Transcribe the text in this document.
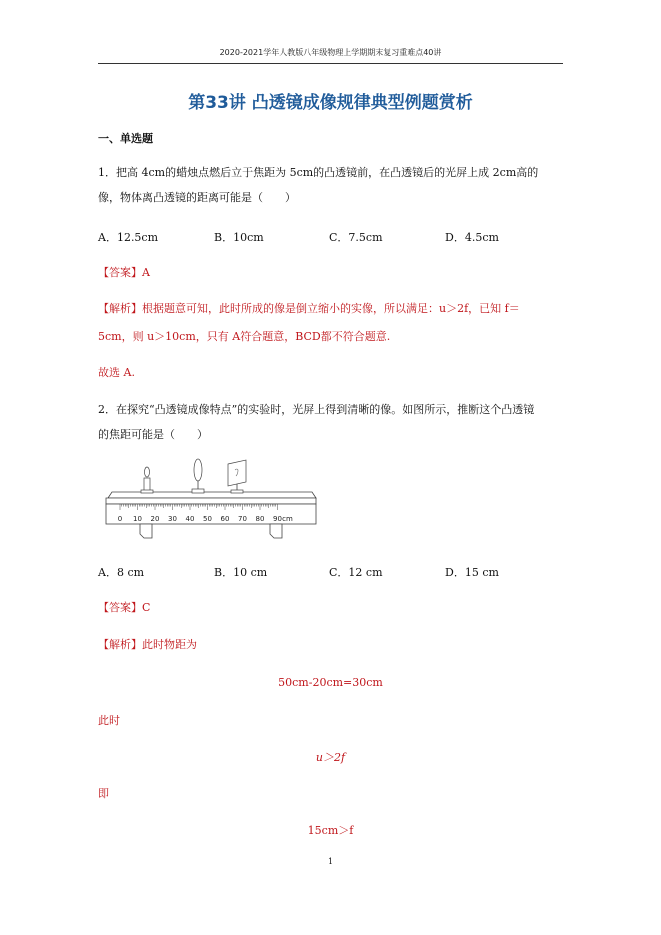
2020-2021学年人教版八年级物理上学期期末复习重难点40讲
第33讲 凸透镜成像规律典型例题赏析
一、单选题
1．把高 4cm的蜡烛点燃后立于焦距为 5cm的凸透镜前，在凸透镜后的光屏上成 2cm高的
像，物体离凸透镜的距离可能是（　　）
A．12.5cm	B．10cm	C．7.5cm	D．4.5cm
【答案】A
【解析】根据题意可知，此时所成的像是倒立缩小的实像，所以满足：u＞2f，已知 f＝
5cm，则 u＞10cm，只有 A符合题意，BCD都不符合题意.
故选 A.
2．在探究“凸透镜成像特点”的实验时，光屏上得到清晰的像。如图所示，推断这个凸透镜
的焦距可能是（　　）
0 10 20 30 40 50 60 70 80 90 cm
A．8 cm	B．10 cm	C．12 cm	D．15 cm
【答案】C
【解析】此时物距为
50cm-20cm=30cm
此时
u＞2f
即
15cm＞f
1
